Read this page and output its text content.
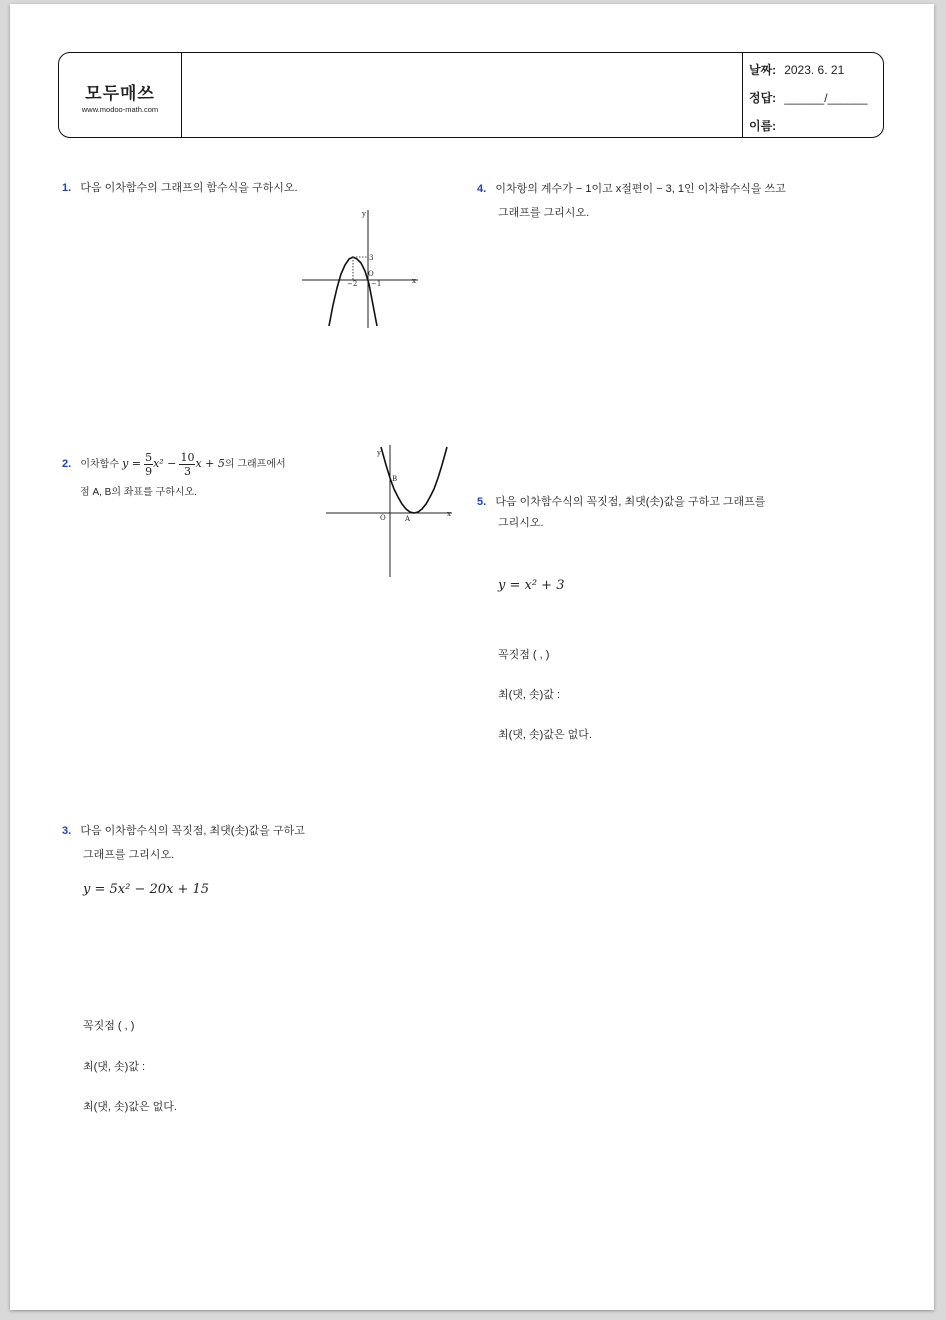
모두매쓰
www.modoo-math.com
날짜: 2023. 6. 21
정답: ______/______
이름:
1. 다음 이차함수의 그래프의 함수식을 구하시오.
y
x
3
O
−2 −1
y
x
O	A
B
2. 이차함수 $y = \frac{5}{9} x^2 - \frac{10}{3}$ x + 5의 그래프에서
점 A, B의 좌표를 구하시오.
3. 다음 이차함수식의 꼭짓점, 최댓(솟)값을 구하고
그래프를 그리시오.
y = 5x² − 20x + 15
꼭짓점 ( , )
최(댓, 솟)값 :
최(댓, 솟)값은 없다.
4. 이차항의 계수가 − 1이고 x절편이 − 3, 1인 이차함수식을 쓰고
그래프를 그리시오.
5. 다음 이차함수식의 꼭짓점, 최댓(솟)값을 구하고 그래프를
그리시오.
y = x² + 3
꼭짓점 ( , )
최(댓, 솟)값 :
최(댓, 솟)값은 없다.
